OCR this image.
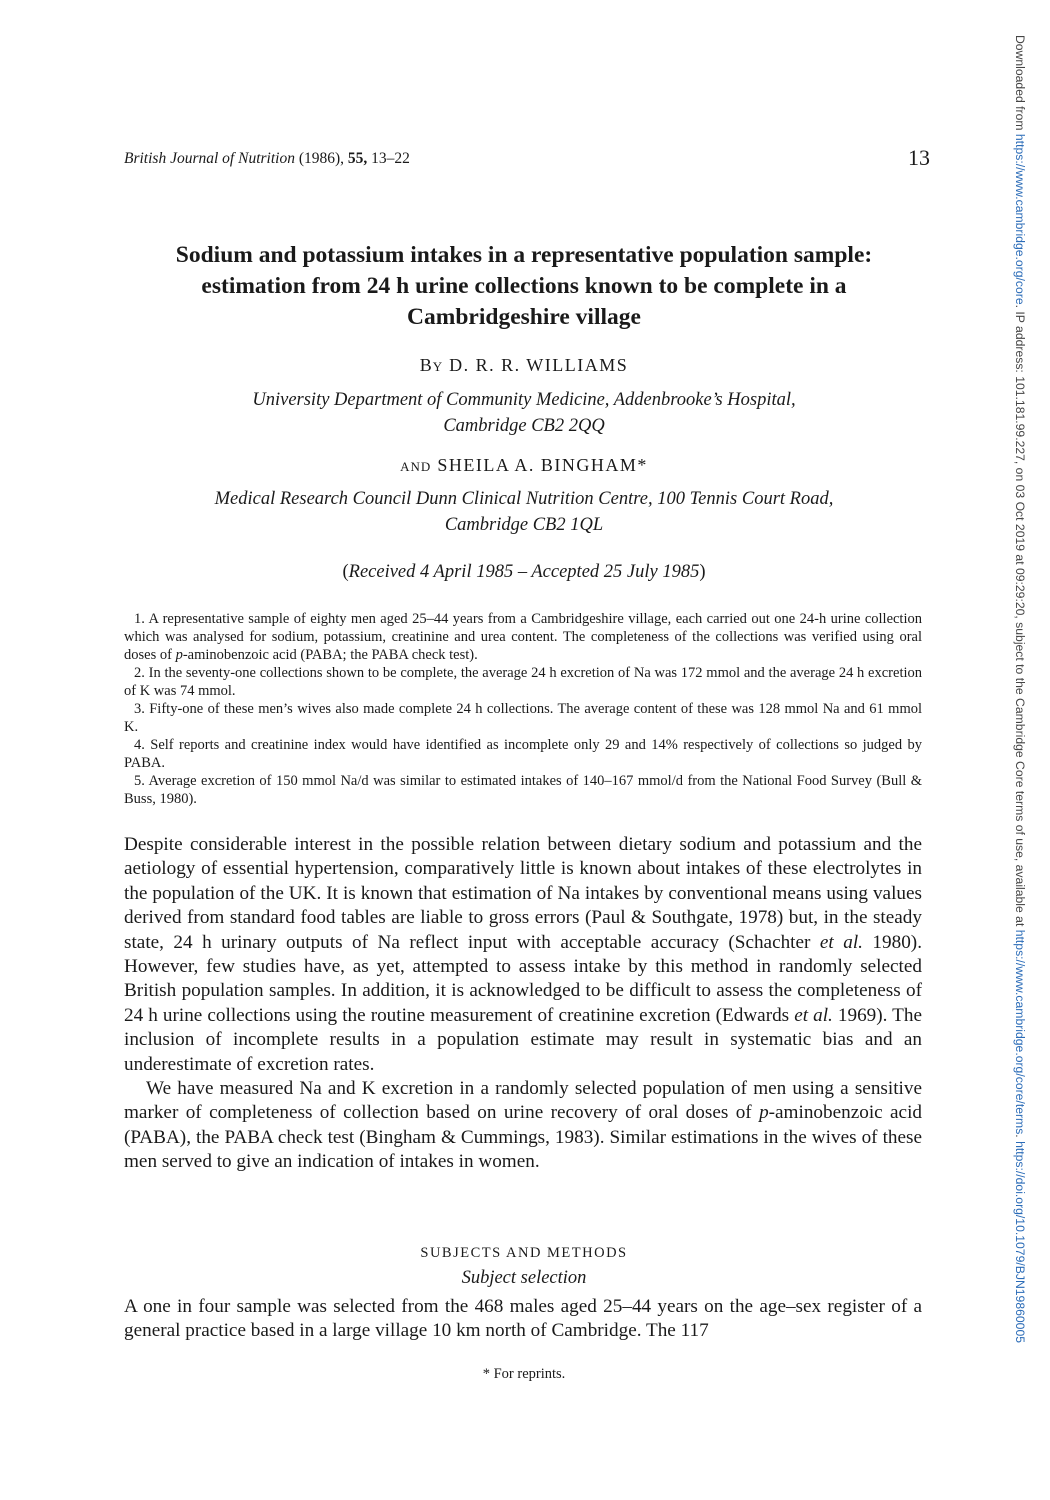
British Journal of Nutrition (1986), 55, 13–22	13
Sodium and potassium intakes in a representative population sample: estimation from 24 h urine collections known to be complete in a Cambridgeshire village
By D. R. R. WILLIAMS
University Department of Community Medicine, Addenbrooke’s Hospital,
Cambridge CB2 2QQ
and SHEILA A. BINGHAM*
Medical Research Council Dunn Clinical Nutrition Centre, 100 Tennis Court Road,
Cambridge CB2 1QL
(Received 4 April 1985 – Accepted 25 July 1985)

1. A representative sample of eighty men aged 25–44 years from a Cambridgeshire village, each carried out one 24-h urine collection which was analysed for sodium, potassium, creatinine and urea content. The completeness of the collections was verified using oral doses of p-aminobenzoic acid (PABA; the PABA check test).

2. In the seventy-one collections shown to be complete, the average 24 h excretion of Na was 172 mmol and the average 24 h excretion of K was 74 mmol.

3. Fifty-one of these men’s wives also made complete 24 h collections. The average content of these was 128 mmol Na and 61 mmol K.

4. Self reports and creatinine index would have identified as incomplete only 29 and 14% respectively of collections so judged by PABA.

5. Average excretion of 150 mmol Na/d was similar to estimated intakes of 140–167 mmol/d from the National Food Survey (Bull & Buss, 1980).

Despite considerable interest in the possible relation between dietary sodium and potassium and the aetiology of essential hypertension, comparatively little is known about intakes of these electrolytes in the population of the UK. It is known that estimation of Na intakes by conventional means using values derived from standard food tables are liable to gross errors (Paul & Southgate, 1978) but, in the steady state, 24 h urinary outputs of Na reflect input with acceptable accuracy (Schachter et al. 1980). However, few studies have, as yet, attempted to assess intake by this method in randomly selected British population samples. In addition, it is acknowledged to be difficult to assess the completeness of 24 h urine collections using the routine measurement of creatinine excretion (Edwards et al. 1969). The inclusion of incomplete results in a population estimate may result in systematic bias and an underestimate of excretion rates.

We have measured Na and K excretion in a randomly selected population of men using a sensitive marker of completeness of collection based on urine recovery of oral doses of p-aminobenzoic acid (PABA), the PABA check test (Bingham & Cummings, 1983). Similar estimations in the wives of these men served to give an indication of intakes in women.

SUBJECTS AND METHODS
Subject selection

A one in four sample was selected from the 468 males aged 25–44 years on the age–sex register of a general practice based in a large village 10 km north of Cambridge. The 117

* For reprints.
Downloaded from https://www.cambridge.org/core. IP address: 101.181.99.227, on 03 Oct 2019 at 09:29:20, subject to the Cambridge Core terms of use, available at https://www.cambridge.org/core/terms. https://doi.org/10.1079/BJN19860005
